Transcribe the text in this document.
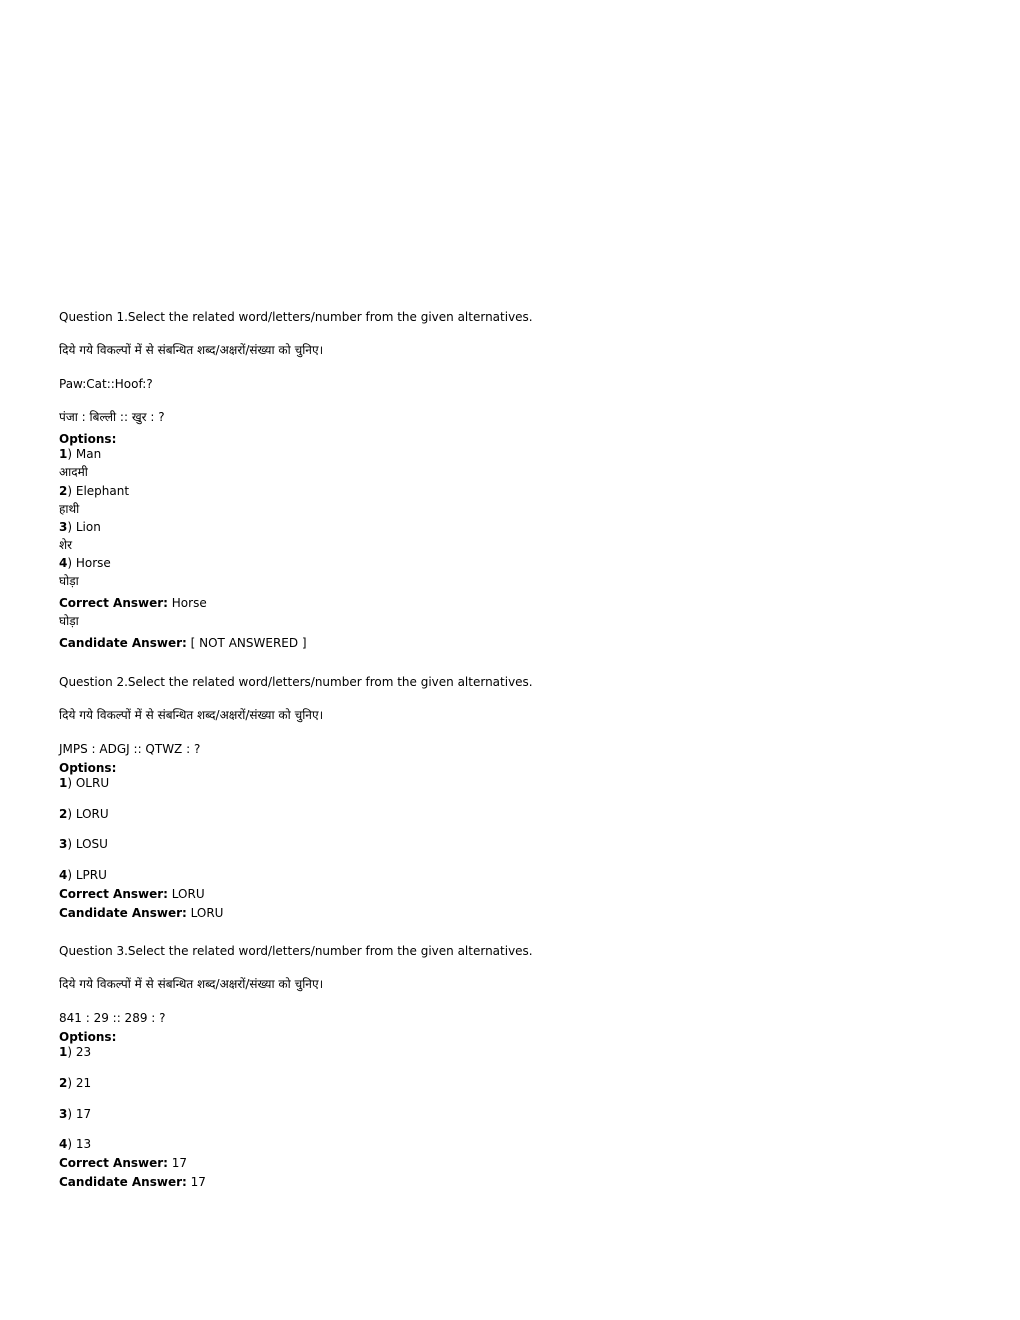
Question 1.Select the related word/letters/number from the given alternatives.
दिये गये विकल्पों में से संबन्धित शब्द/अक्षरों/संख्या को चुनिए।
Paw:Cat::Hoof:?
पंजा : बिल्ली :: खुर : ?
Options:
1) Man
आदमी
2) Elephant
हाथी
3) Lion
शेर
4) Horse
घोड़ा
Correct Answer: Horse
घोड़ा
Candidate Answer: [ NOT ANSWERED ]
Question 2.Select the related word/letters/number from the given alternatives.
दिये गये विकल्पों में से संबन्धित शब्द/अक्षरों/संख्या को चुनिए।
JMPS : ADGJ :: QTWZ : ?
Options:
1) OLRU
2) LORU
3) LOSU
4) LPRU
Correct Answer: LORU
Candidate Answer: LORU
Question 3.Select the related word/letters/number from the given alternatives.
दिये गये विकल्पों में से संबन्धित शब्द/अक्षरों/संख्या को चुनिए।
841 : 29 :: 289 : ?
Options:
1) 23
2) 21
3) 17
4) 13
Correct Answer: 17
Candidate Answer: 17
